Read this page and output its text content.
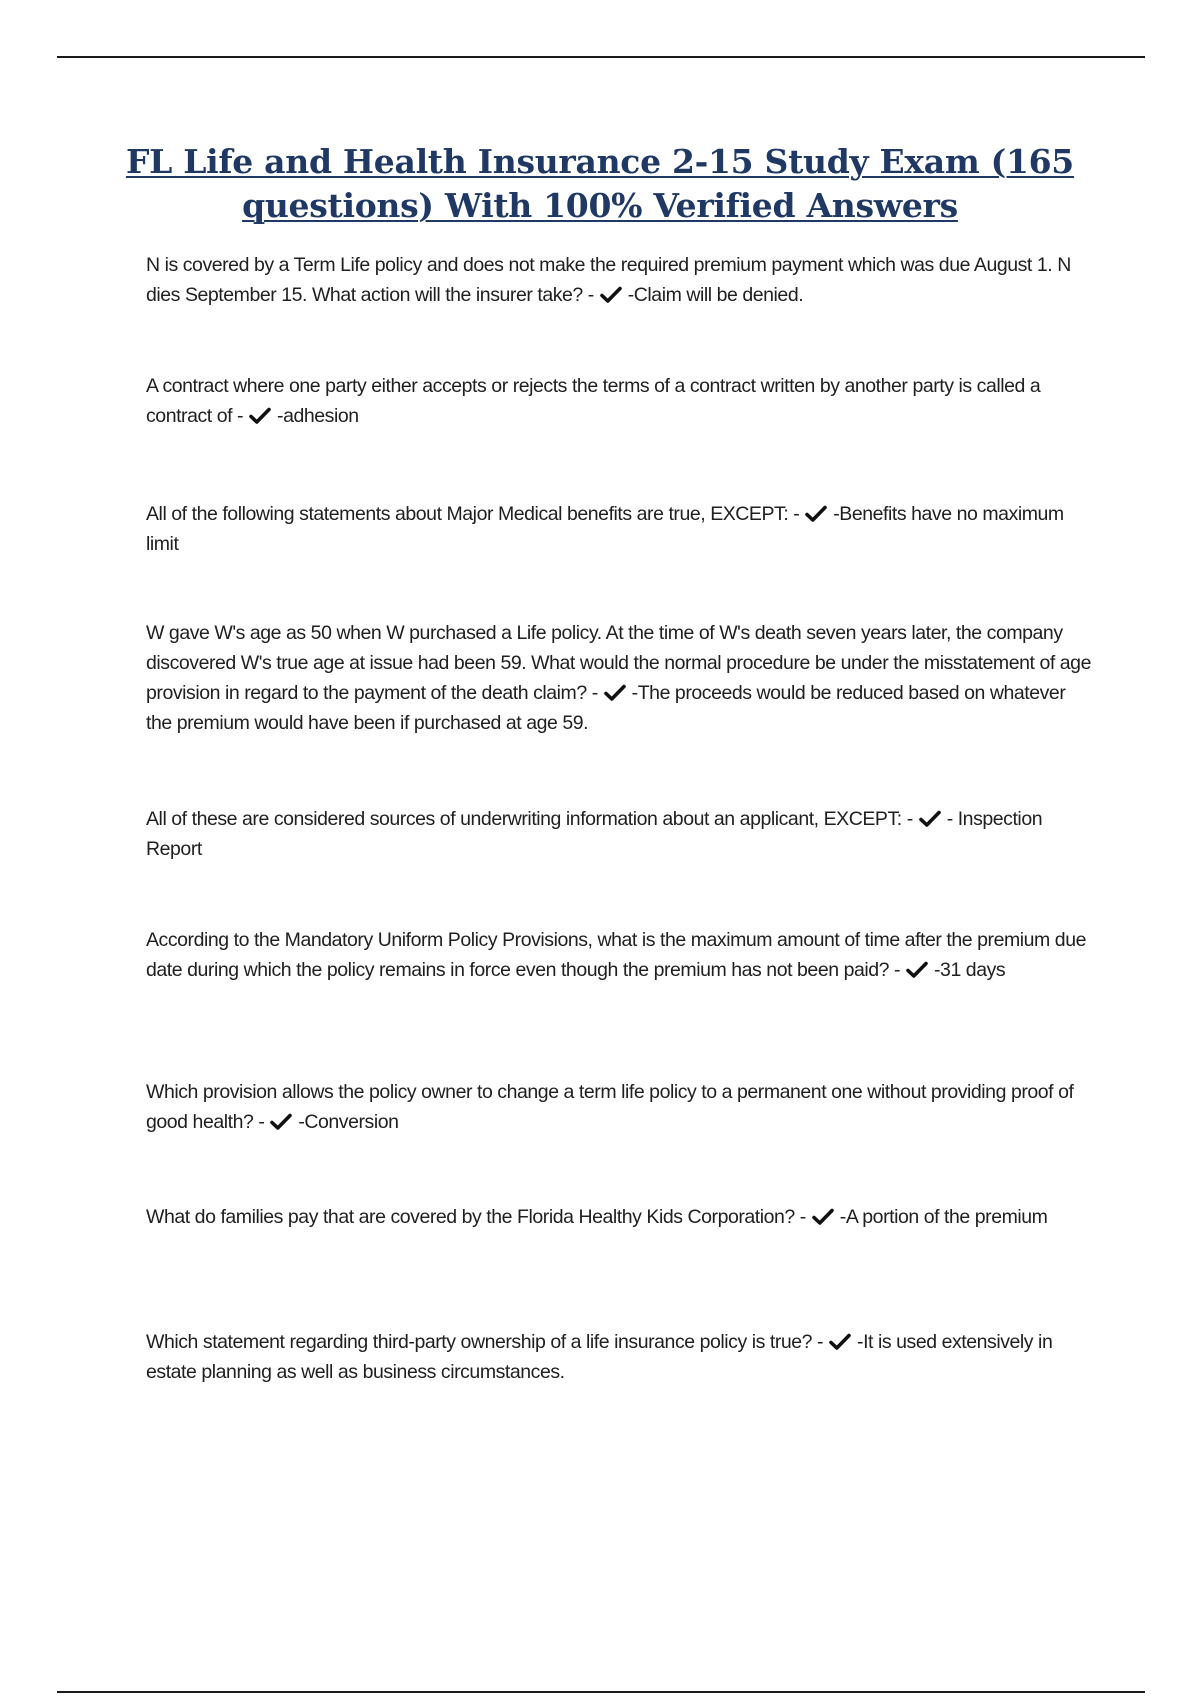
FL Life and Health Insurance 2-15 Study Exam (165 questions) With 100% Verified Answers

N is covered by a Term Life policy and does not make the required premium payment which was due August 1. N dies September 15. What action will the insurer take? - -Claim will be denied.

A contract where one party either accepts or rejects the terms of a contract written by another party is called a contract of - -adhesion

All of the following statements about Major Medical benefits are true, EXCEPT: - -Benefits have no maximum limit

W gave W's age as 50 when W purchased a Life policy. At the time of W's death seven years later, the company discovered W's true age at issue had been 59. What would the normal procedure be under the misstatement of age provision in regard to the payment of the death claim? - -The proceeds would be reduced based on whatever the premium would have been if purchased at age 59.

All of these are considered sources of underwriting information about an applicant, EXCEPT: - - Inspection Report

According to the Mandatory Uniform Policy Provisions, what is the maximum amount of time after the premium due date during which the policy remains in force even though the premium has not been paid? - -31 days

Which provision allows the policy owner to change a term life policy to a permanent one without providing proof of good health? - -Conversion

What do families pay that are covered by the Florida Healthy Kids Corporation? - -A portion of the premium

Which statement regarding third-party ownership of a life insurance policy is true? - -It is used extensively in estate planning as well as business circumstances.
